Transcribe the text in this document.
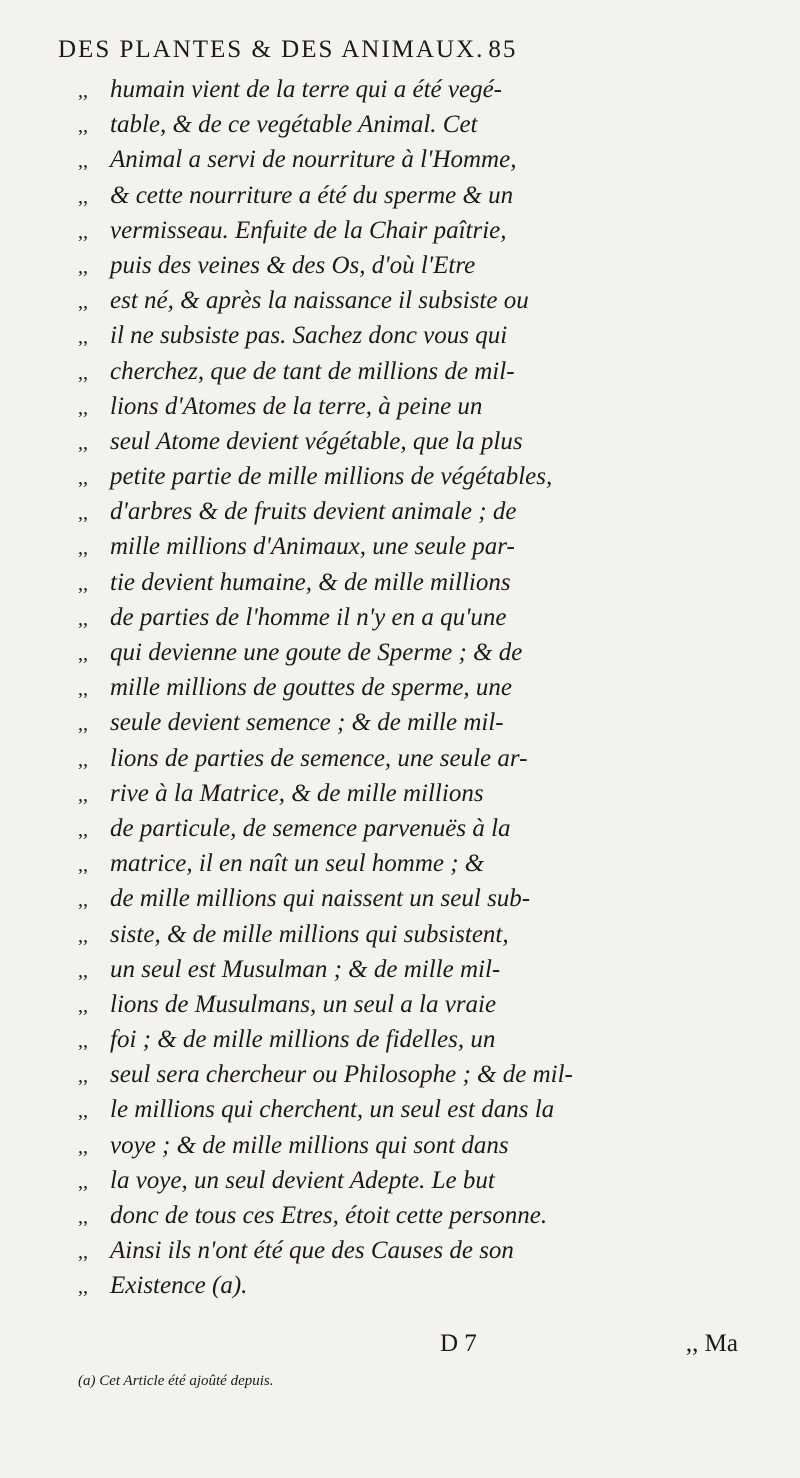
DES PLANTES & DES ANIMAUX. 85
,, humain vient de la terre qui a été vegé-
,, table, & de ce vegétable Animal. Cet
,, Animal a servi de nourriture à l'Homme,
,, & cette nourriture a été du sperme & un
,, vermisseau. Enfuite de la Chair paîtrie,
,, puis des veines & des Os, d'où l'Etre
,, est né, & après la naissance il subsiste ou
,, il ne subsiste pas. Sachez donc vous qui
,, cherchez, que de tant de millions de mil-
,, lions d'Atomes de la terre, à peine un
,, seul Atome devient végétable, que la plus
,, petite partie de mille millions de végétables,
,, d'arbres & de fruits devient animale ; de
,, mille millions d'Animaux, une seule par-
,, tie devient humaine, & de mille millions
,, de parties de l'homme il n'y en a qu'une
,, qui devienne une goute de Sperme ; & de
,, mille millions de gouttes de sperme, une
,, seule devient semence ; & de mille mil-
,, lions de parties de semence, une seule ar-
,, rive à la Matrice, & de mille millions
,, de particule, de semence parvenuës à la
,, matrice, il en naît un seul homme ; &
,, de mille millions qui naissent un seul sub-
,, siste, & de mille millions qui subsistent,
,, un seul est Musulman ; & de mille mil-
,, lions de Musulmans, un seul a la vraie
,, foi ; & de mille millions de fidelles, un
,, seul sera chercheur ou Philosophe ; & de mil-
,, le millions qui cherchent, un seul est dans la
,, voye ; & de mille millions qui sont dans
,, la voye, un seul devient Adepte. Le but
,, donc de tous ces Etres, étoit cette personne.
,, Ainsi ils n'ont été que des Causes de son
,, Existence (a).
D 7	,, Ma
(a) Cet Article été ajoûté depuis.
